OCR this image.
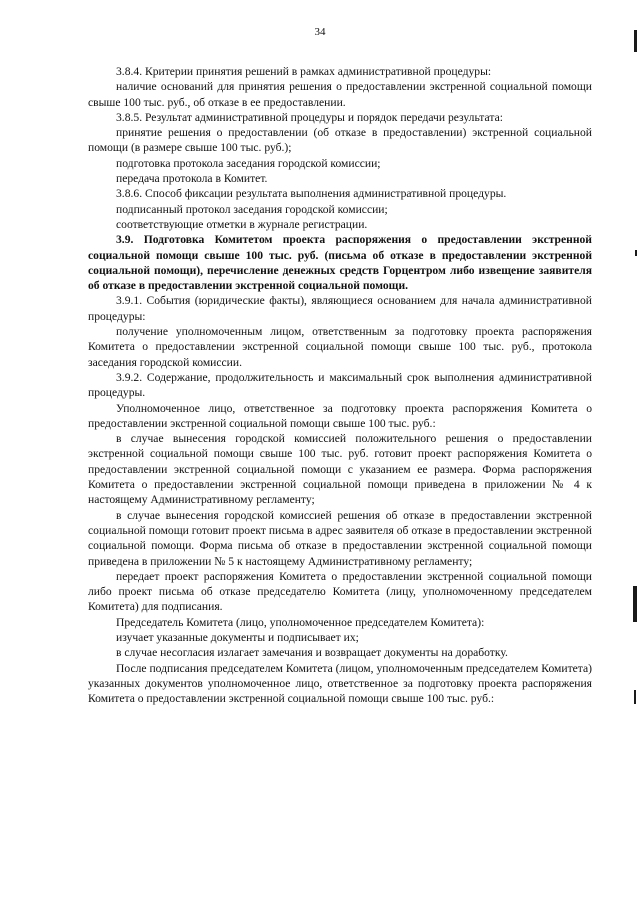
34

3.8.4. Критерии принятия решений в рамках административной процедуры:

наличие оснований для принятия решения о предоставлении экстренной социальной помощи свыше 100 тыс. руб., об отказе в ее предоставлении.

3.8.5. Результат административной процедуры и порядок передачи результата:

принятие решения о предоставлении (об отказе в предоставлении) экстренной социальной помощи (в размере свыше 100 тыс. руб.);

подготовка протокола заседания городской комиссии;

передача протокола в Комитет.

3.8.6. Способ фиксации результата выполнения административной процедуры.

подписанный протокол заседания городской комиссии;

соответствующие отметки в журнале регистрации.

3.9. Подготовка Комитетом проекта распоряжения о предоставлении экстренной социальной помощи свыше 100 тыс. руб. (письма об отказе в предоставлении экстренной социальной помощи), перечисление денежных средств Горцентром либо извещение заявителя об отказе в предоставлении экстренной социальной помощи.

3.9.1. События (юридические факты), являющиеся основанием для начала административной процедуры:

получение уполномоченным лицом, ответственным за подготовку проекта распоряжения Комитета о предоставлении экстренной социальной помощи свыше 100 тыс. руб., протокола заседания городской комиссии.

3.9.2. Содержание, продолжительность и максимальный срок выполнения административной процедуры.

Уполномоченное лицо, ответственное за подготовку проекта распоряжения Комитета о предоставлении экстренной социальной помощи свыше 100 тыс. руб.:

в случае вынесения городской комиссией положительного решения о предоставлении экстренной социальной помощи свыше 100 тыс. руб. готовит проект распоряжения Комитета о предоставлении экстренной социальной помощи с указанием ее размера. Форма распоряжения Комитета о предоставлении экстренной социальной помощи приведена в приложении № 4 к настоящему Административному регламенту;

в случае вынесения городской комиссией решения об отказе в предоставлении экстренной социальной помощи готовит проект письма в адрес заявителя об отказе в предоставлении экстренной социальной помощи. Форма письма об отказе в предоставлении экстренной социальной помощи приведена в приложении № 5 к настоящему Административному регламенту;

передает проект распоряжения Комитета о предоставлении экстренной социальной помощи либо проект письма об отказе председателю Комитета (лицу, уполномоченному председателем Комитета) для подписания.

Председатель Комитета (лицо, уполномоченное председателем Комитета):

изучает указанные документы и подписывает их;

в случае несогласия излагает замечания и возвращает документы на доработку.

После подписания председателем Комитета (лицом, уполномоченным председателем Комитета) указанных документов уполномоченное лицо, ответственное за подготовку проекта распоряжения Комитета о предоставлении экстренной социальной помощи свыше 100 тыс. руб.:
